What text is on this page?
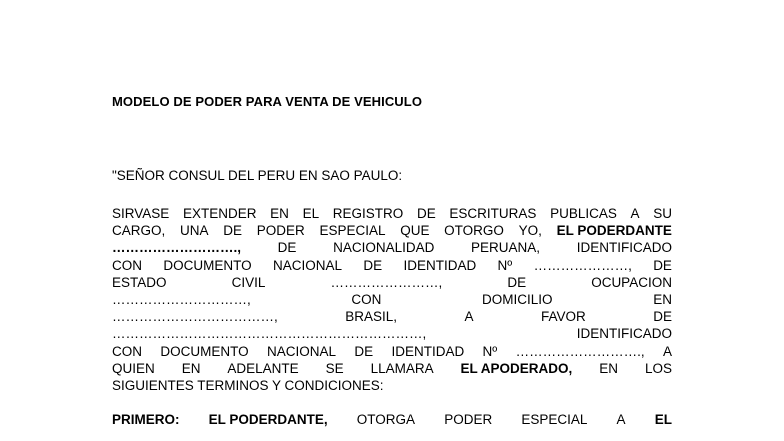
MODELO DE PODER PARA VENTA DE VEHICULO
"SEÑOR CONSUL DEL PERU EN SAO PAULO:
SIRVASE EXTENDER EN EL REGISTRO DE ESCRITURAS PUBLICAS A SU
CARGO, UNA DE PODER ESPECIAL QUE OTORGO YO, EL PODERDANTE
……………………….,	DE	NACIONALIDAD	PERUANA,	IDENTIFICADO
CON DOCUMENTO NACIONAL DE IDENTIDAD Nº …………………, DE
ESTADO	CIVIL	……………………,	DE	OCUPACION
…………………………,	CON	DOMICILIO	EN
………………………………,	BRASIL,	A	FAVOR	DE
……………………………………………………………,	IDENTIFICADO
CON DOCUMENTO NACIONAL DE IDENTIDAD Nº ………………………., A
QUIEN EN ADELANTE SE LLAMARA EL APODERADO, EN LOS
SIGUIENTES TERMINOS Y CONDICIONES:
PRIMERO: EL PODERDANTE, OTORGA PODER ESPECIAL A EL
